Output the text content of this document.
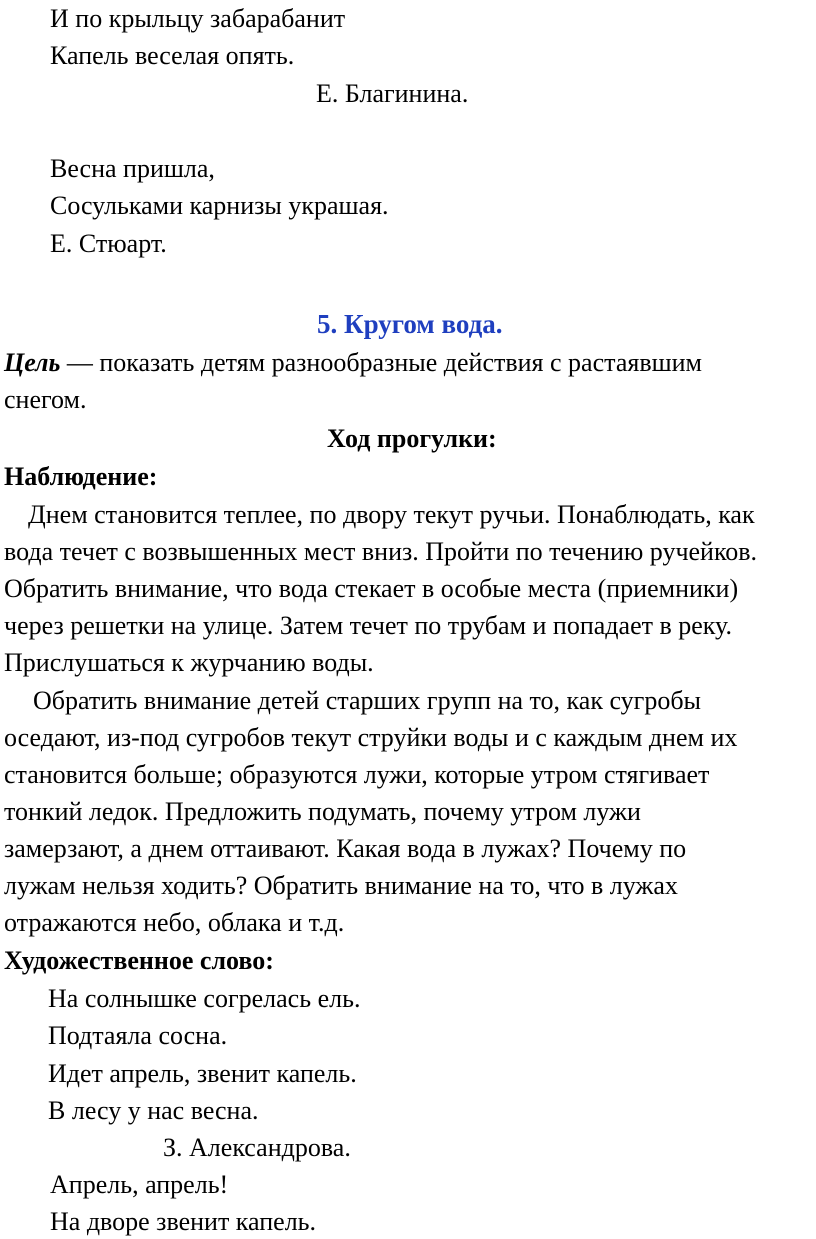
И по крыльцу забарабанит
Капель веселая опять.
Е. Благинина.
Весна пришла,
Сосульками карнизы украшая.
Е. Стюарт.
5. Кругом вода.
Цель — показать детям разнообразные действия с растаявшим
снегом.
Ход прогулки:
Наблюдение:
Днем становится теплее, по двору текут ручьи. Понаблюдать, как
вода течет с возвышенных мест вниз. Пройти по течению ручейков.
Обратить внимание, что вода стекает в особые места (приемники)
через решетки на улице. Затем течет по трубам и попадает в реку.
Прислушаться к журчанию воды.
Обратить внимание детей старших групп на то, как сугробы
оседают, из-под сугробов текут струйки воды и с каждым днем их
становится больше; образуются лужи, которые утром стягивает
тонкий ледок. Предложить подумать, почему утром лужи
замерзают, а днем оттаивают. Какая вода в лужах? Почему по
лужам нельзя ходить? Обратить внимание на то, что в лужах
отражаются небо, облака и т.д.
Художественное слово:
На солнышке согрелась ель.
Подтаяла сосна.
Идет апрель, звенит капель.
В лесу у нас весна.
З. Александрова.
Апрель, апрель!
На дворе звенит капель.
